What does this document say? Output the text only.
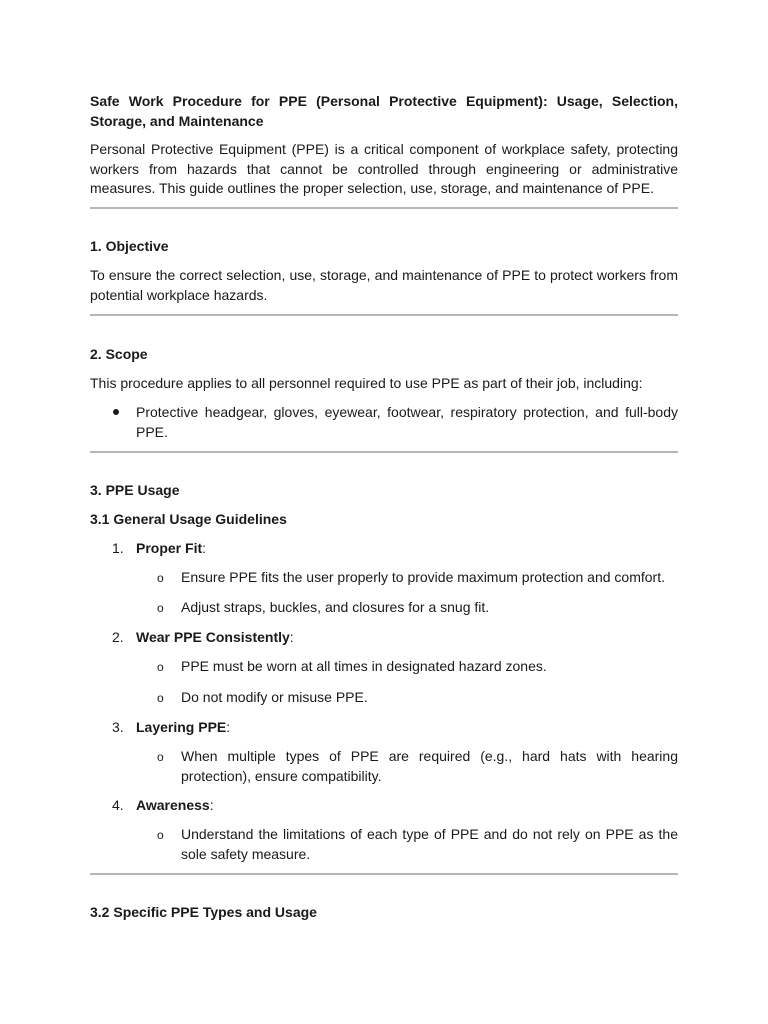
Safe Work Procedure for PPE (Personal Protective Equipment): Usage, Selection, Storage, and Maintenance
Personal Protective Equipment (PPE) is a critical component of workplace safety, protecting workers from hazards that cannot be controlled through engineering or administrative measures. This guide outlines the proper selection, use, storage, and maintenance of PPE.
1. Objective
To ensure the correct selection, use, storage, and maintenance of PPE to protect workers from potential workplace hazards.
2. Scope
This procedure applies to all personnel required to use PPE as part of their job, including:
Protective headgear, gloves, eyewear, footwear, respiratory protection, and full-body PPE.
3. PPE Usage
3.1 General Usage Guidelines
1. Proper Fit:
o Ensure PPE fits the user properly to provide maximum protection and comfort.
o Adjust straps, buckles, and closures for a snug fit.
2. Wear PPE Consistently:
o PPE must be worn at all times in designated hazard zones.
o Do not modify or misuse PPE.
3. Layering PPE:
o When multiple types of PPE are required (e.g., hard hats with hearing protection), ensure compatibility.
4. Awareness:
o Understand the limitations of each type of PPE and do not rely on PPE as the sole safety measure.
3.2 Specific PPE Types and Usage
